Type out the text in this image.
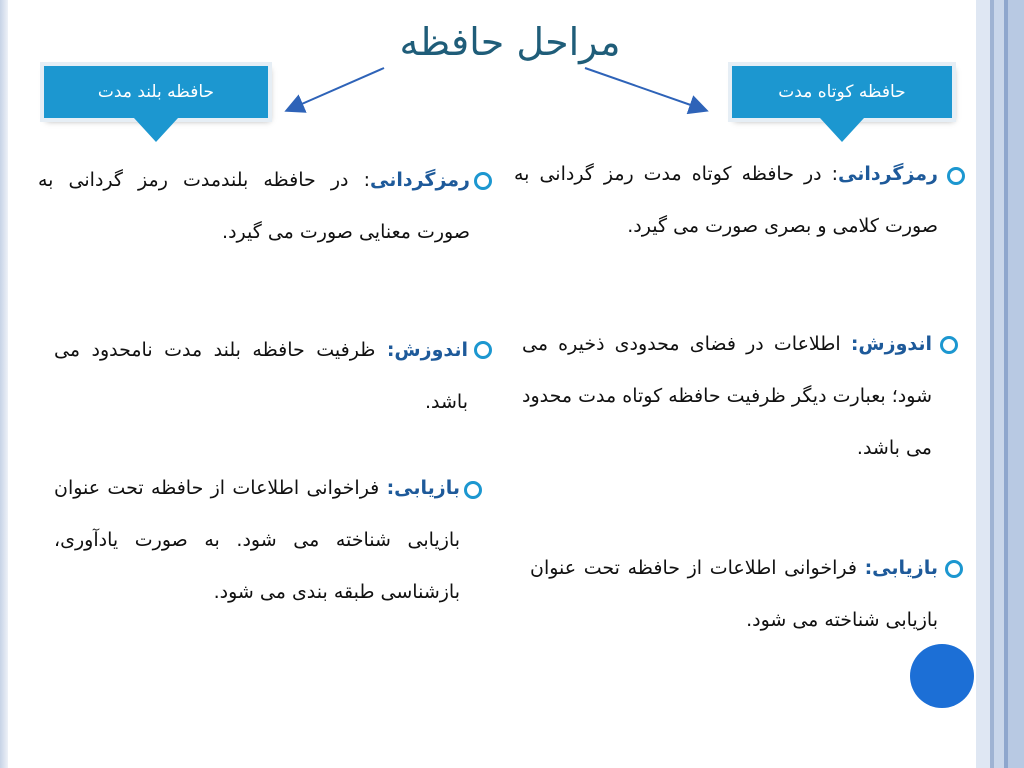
مراحل حافظه
حافظه بلند مدت	حافظه کوتاه مدت
رمزگردانی: در حافظه کوتاه مدت رمز گردانی به صورت کلامی و بصری صورت می گیرد.
اندوزش: اطلاعات در فضای محدودی ذخیره می شود؛ بعبارت دیگر ظرفیت حافظه کوتاه مدت محدود می باشد.
بازیابی: فراخوانی اطلاعات از حافظه تحت عنوان بازیابی شناخته می شود.
رمزگردانی: در حافظه بلندمدت رمز گردانی به صورت معنایی صورت می گیرد.
اندوزش: ظرفیت حافظه بلند مدت نامحدود می باشد.
بازیابی: فراخوانی اطلاعات از حافظه تحت عنوان بازیابی شناخته می شود. به صورت یادآوری، بازشناسی طبقه بندی می شود.
